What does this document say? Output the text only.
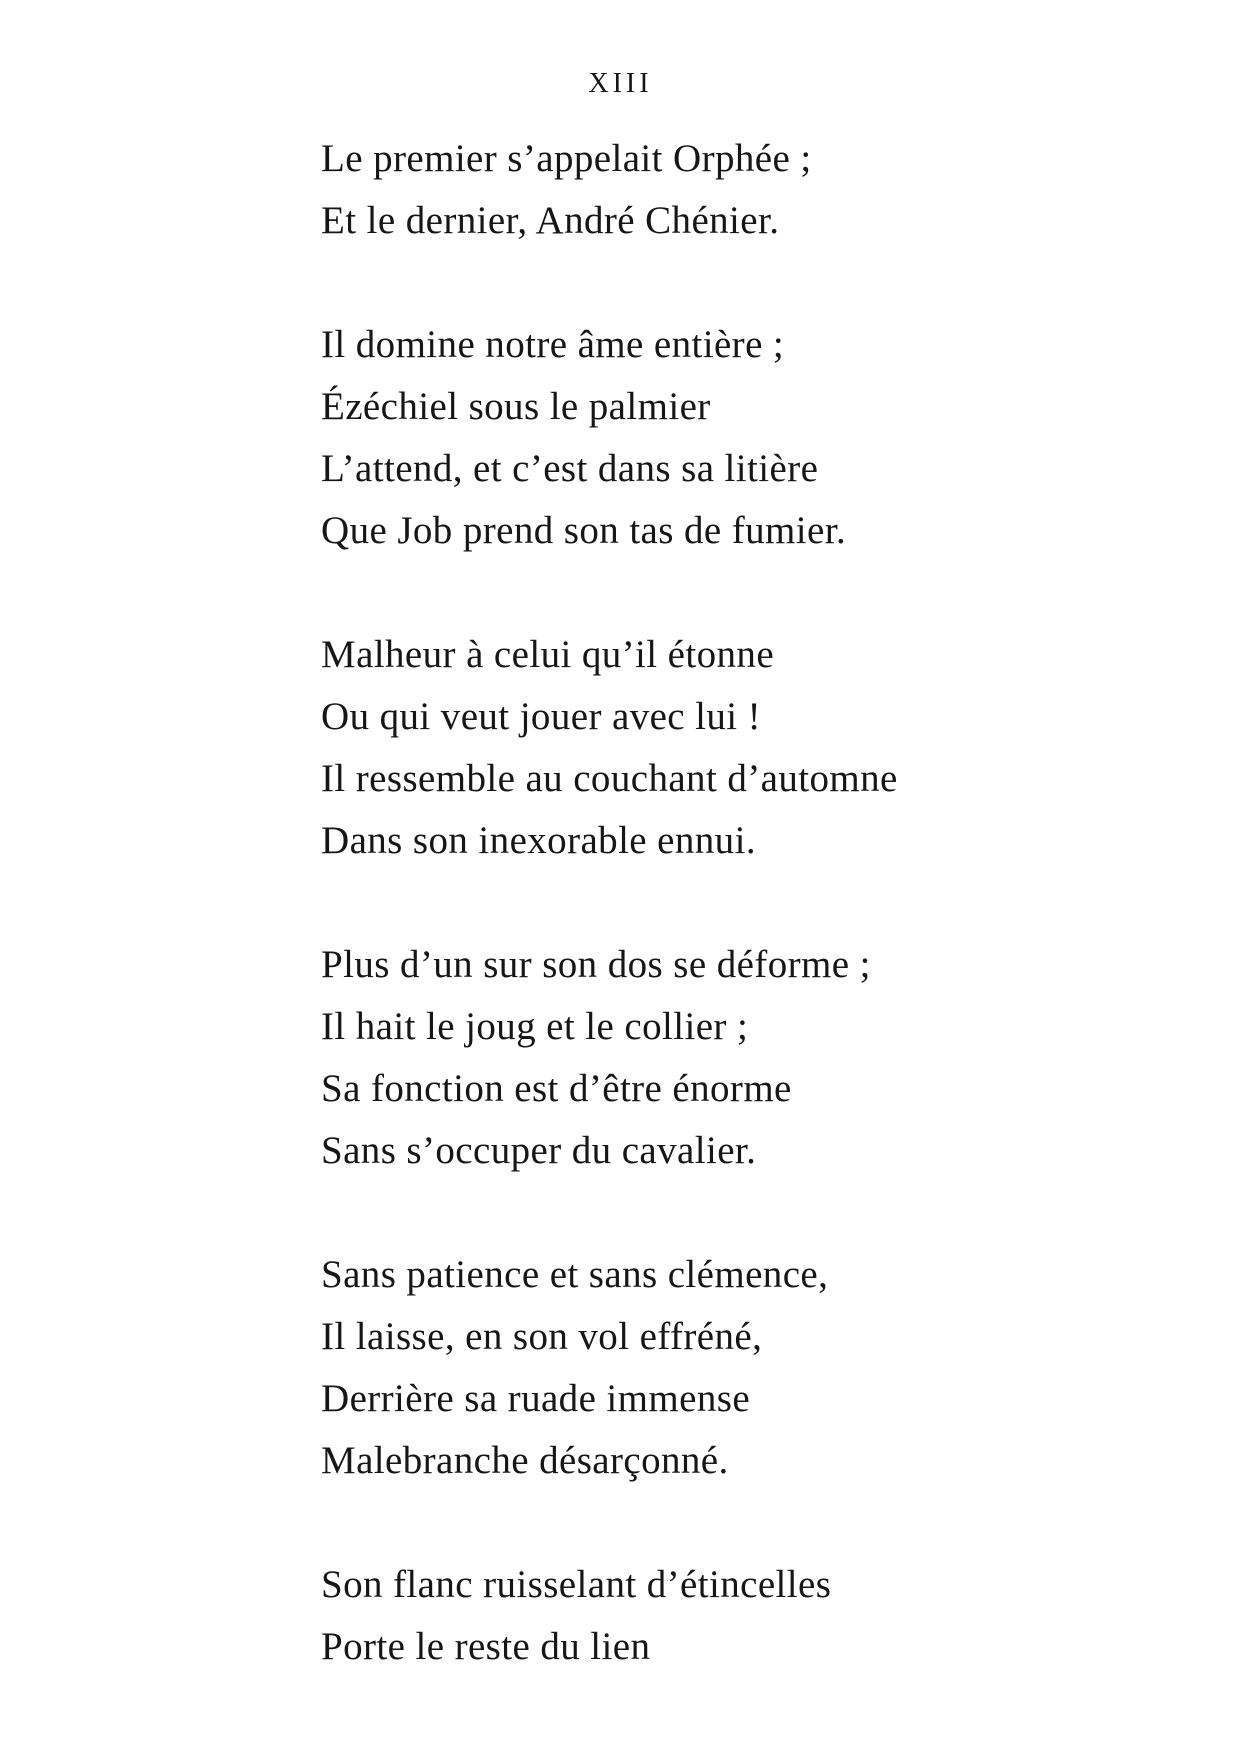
XIII
Le premier s’appelait Orphée ;
Et le dernier, André Chénier.
Il domine notre âme entière ;
Ézéchiel sous le palmier
L’attend, et c’est dans sa litière
Que Job prend son tas de fumier.
Malheur à celui qu’il étonne
Ou qui veut jouer avec lui !
Il ressemble au couchant d’automne
Dans son inexorable ennui.
Plus d’un sur son dos se déforme ;
Il hait le joug et le collier ;
Sa fonction est d’être énorme
Sans s’occuper du cavalier.
Sans patience et sans clémence,
Il laisse, en son vol effréné,
Derrière sa ruade immense
Malebranche désarçonné.
Son flanc ruisselant d’étincelles
Porte le reste du lien
